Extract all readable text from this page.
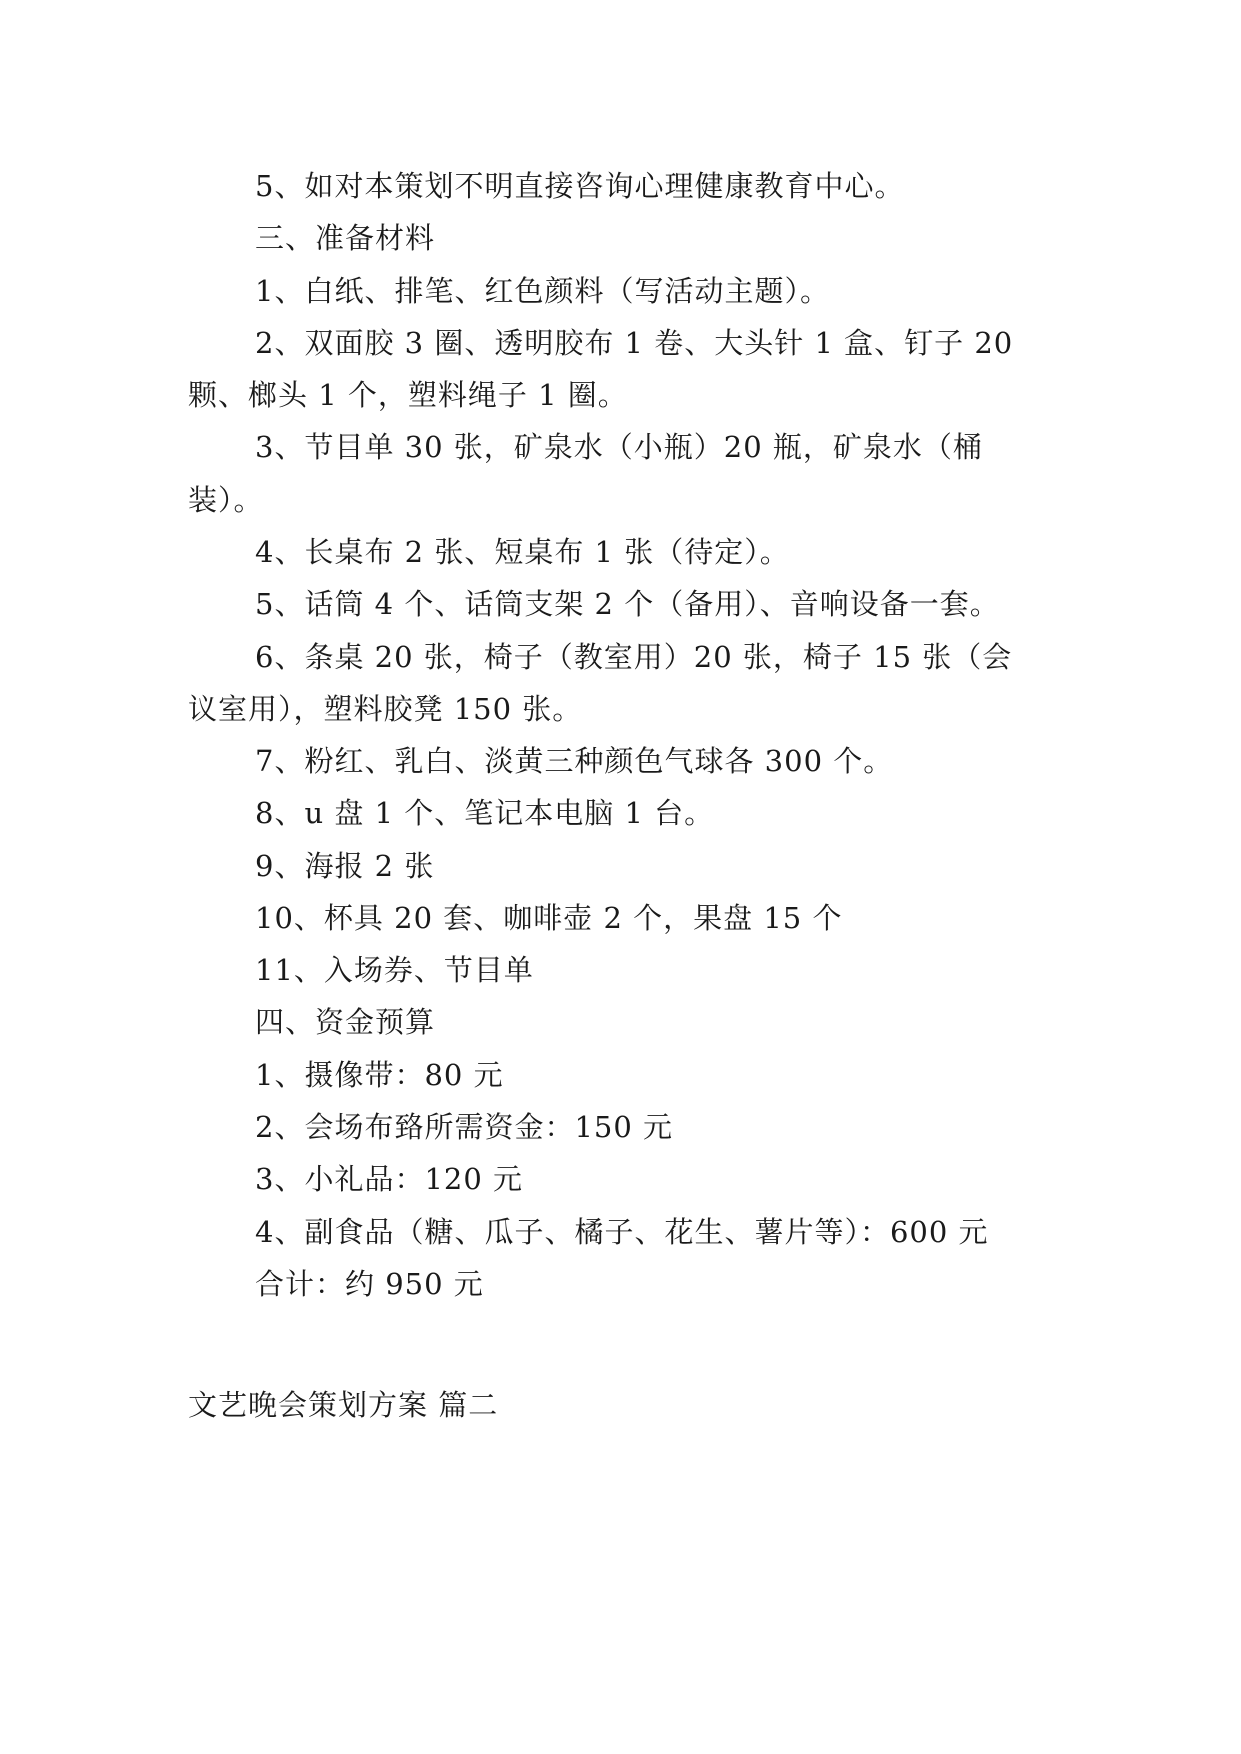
5、如对本策划不明直接咨询心理健康教育中心。
三、准备材料
1、白纸、排笔、红色颜料（写活动主题）。
2、双面胶 3 圈、透明胶布 1 卷、大头针 1 盒、钉子 20
颗、榔头 1 个，塑料绳子 1 圈。
3、节目单 30 张，矿泉水（小瓶）20 瓶，矿泉水（桶
装）。
4、长桌布 2 张、短桌布 1 张（待定）。
5、话筒 4 个、话筒支架 2 个（备用）、音响设备一套。
6、条桌 20 张，椅子（教室用）20 张，椅子 15 张（会
议室用），塑料胶凳 150 张。
7、粉红、乳白、淡黄三种颜色气球各 300 个。
8、u 盘 1 个、笔记本电脑 1 台。
9、海报 2 张
10、杯具 20 套、咖啡壶 2 个，果盘 15 个
11、入场券、节目单
四、资金预算
1、摄像带：80 元
2、会场布臵所需资金：150 元
3、小礼品：120 元
4、副食品（糖、瓜子、橘子、花生、薯片等）：600 元
合计：约 950 元
文艺晚会策划方案 篇二
